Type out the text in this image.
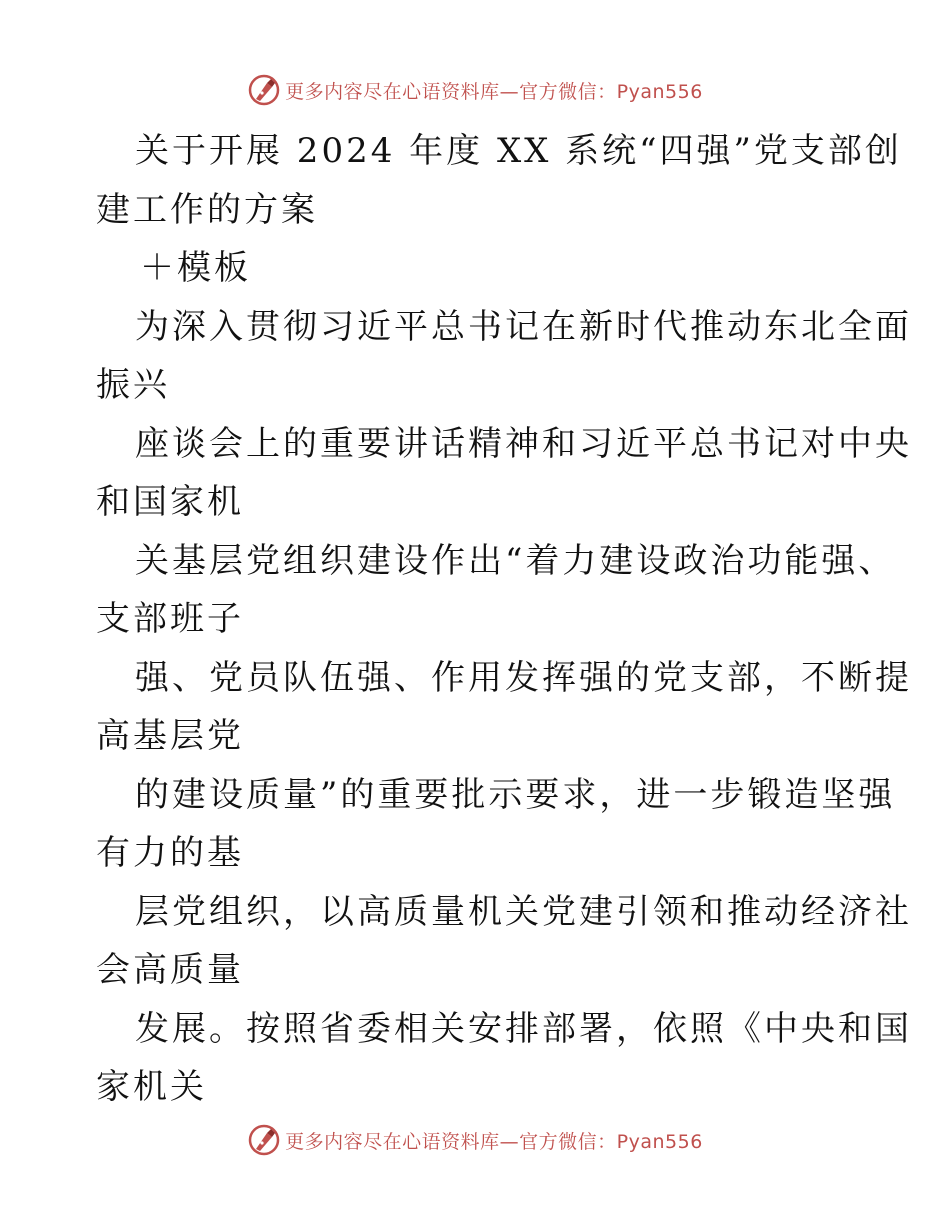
更多内容尽在心语资料库—官方微信：Pyan556
关于开展 2024 年度 XX 系统“四强”党支部创
建工作的方案
＋模板
为深入贯彻习近平总书记在新时代推动东北全面
振兴
座谈会上的重要讲话精神和习近平总书记对中央
和国家机
关基层党组织建设作出“着力建设政治功能强、
支部班子
强、党员队伍强、作用发挥强的党支部，不断提
高基层党
的建设质量”的重要批示要求，进一步锻造坚强
有力的基
层党组织，以高质量机关党建引领和推动经济社
会高质量
发展。按照省委相关安排部署，依照《中央和国
家机关
更多内容尽在心语资料库—官方微信：Pyan556
